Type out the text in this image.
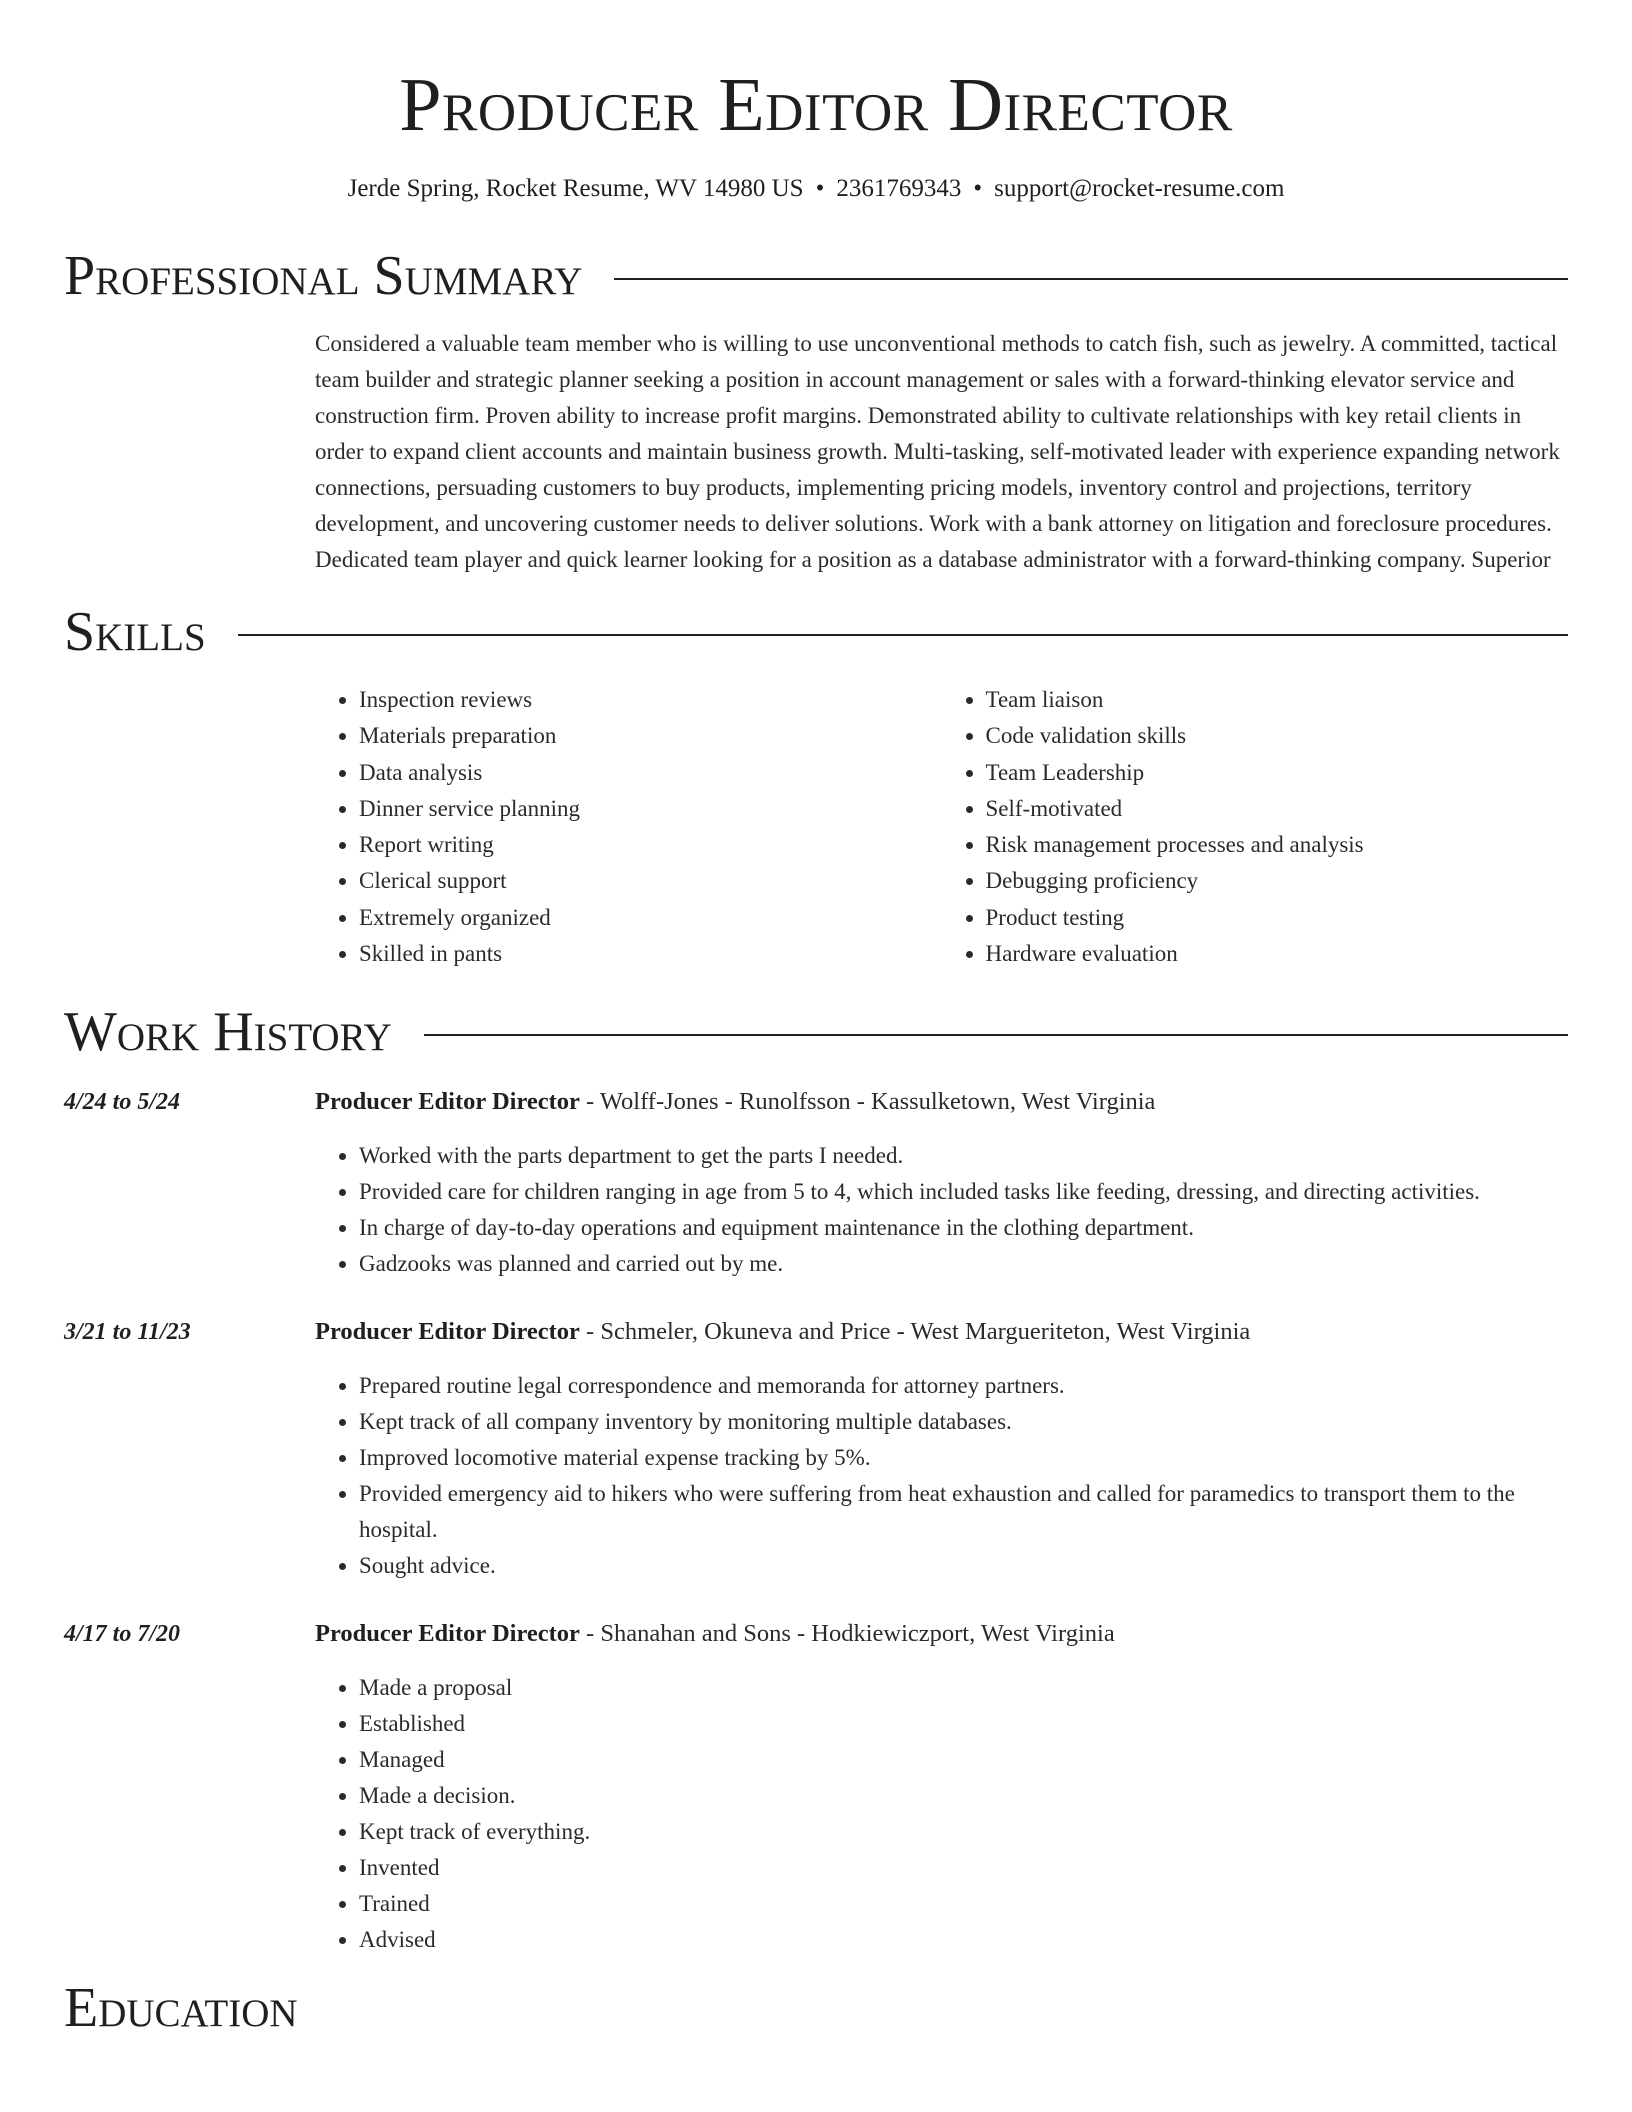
Producer Editor Director
Jerde Spring, Rocket Resume, WV 14980 US • 2361769343 • support@rocket-resume.com
Professional Summary

Considered a valuable team member who is willing to use unconventional methods to catch fish, such as jewelry. A committed, tactical team builder and strategic planner seeking a position in account management or sales with a forward-thinking elevator service and construction firm. Proven ability to increase profit margins. Demonstrated ability to cultivate relationships with key retail clients in order to expand client accounts and maintain business growth. Multi-tasking, self-motivated leader with experience expanding network connections, persuading customers to buy products, implementing pricing models, inventory control and projections, territory development, and uncovering customer needs to deliver solutions. Work with a bank attorney on litigation and foreclosure procedures. Dedicated team player and quick learner looking for a position as a database administrator with a forward-thinking company. Superior

Skills
• Inspection reviews
• Materials preparation
• Data analysis
• Dinner service planning
• Report writing
• Clerical support
• Extremely organized
• Skilled in pants
• Team liaison
• Code validation skills
• Team Leadership
• Self-motivated
• Risk management processes and analysis
• Debugging proficiency
• Product testing
• Hardware evaluation
Work History
4/24 to 5/24	Producer Editor Director - Wolff-Jones - Runolfsson - Kassulketown, West Virginia
• Worked with the parts department to get the parts I needed.
• Provided care for children ranging in age from 5 to 4, which included tasks like feeding, dressing, and directing activities.
• In charge of day-to-day operations and equipment maintenance in the clothing department.
• Gadzooks was planned and carried out by me.
3/21 to 11/23	Producer Editor Director - Schmeler, Okuneva and Price - West Margueriteton, West Virginia
• Prepared routine legal correspondence and memoranda for attorney partners.
• Kept track of all company inventory by monitoring multiple databases.
• Improved locomotive material expense tracking by 5%.
• Provided emergency aid to hikers who were suffering from heat exhaustion and called for paramedics to transport them to the hospital.
• Sought advice.
4/17 to 7/20	Producer Editor Director - Shanahan and Sons - Hodkiewiczport, West Virginia
• Made a proposal
• Established
• Managed
• Made a decision.
• Kept track of everything.
• Invented
• Trained
• Advised
Education
